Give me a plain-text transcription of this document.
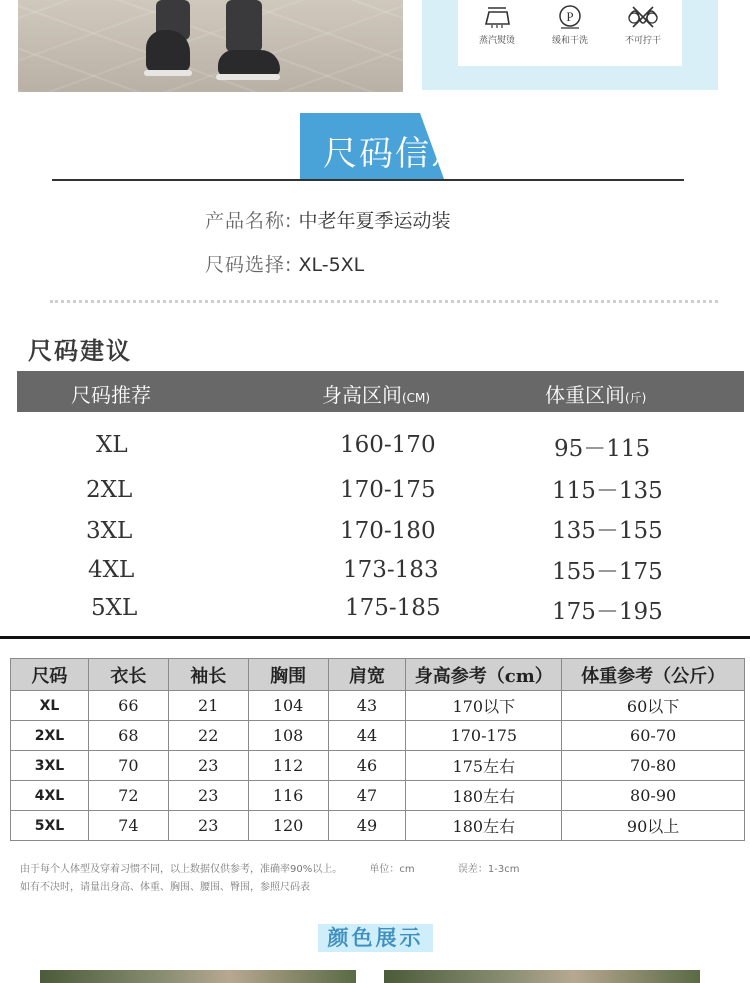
蒸汽熨烫
P
缓和干洗	不可拧干
尺码信息
产品名称: 中老年夏季运动装
尺码选择: XL-5XL
尺码建议
尺码推荐	身高区间(CM)	体重区间(斤)
XL	160-170	95－115
2XL	170-175	115－135
3XL	170-180	135－155
4XL	173-183	155－175
5XL	175-185	175－195
尺码	衣长	袖长	胸围	肩宽	身高参考（cm）	体重参考（公斤）
XL	66	21	104	43	170以下	60以下
2XL	68	22	108	44	170-175	60-70
3XL	70	23	112	46	175左右	70-80
4XL	72	23	116	47	180左右	80-90
5XL	74	23	120	49	180左右	90以上
由于每个人体型及穿着习惯不同，以上数据仅供参考，准确率90%以上。	单位：cm	误差：1-3cm
如有不决时，请量出身高、体重、胸围、腰围、臀围，参照尺码表
颜色展示
